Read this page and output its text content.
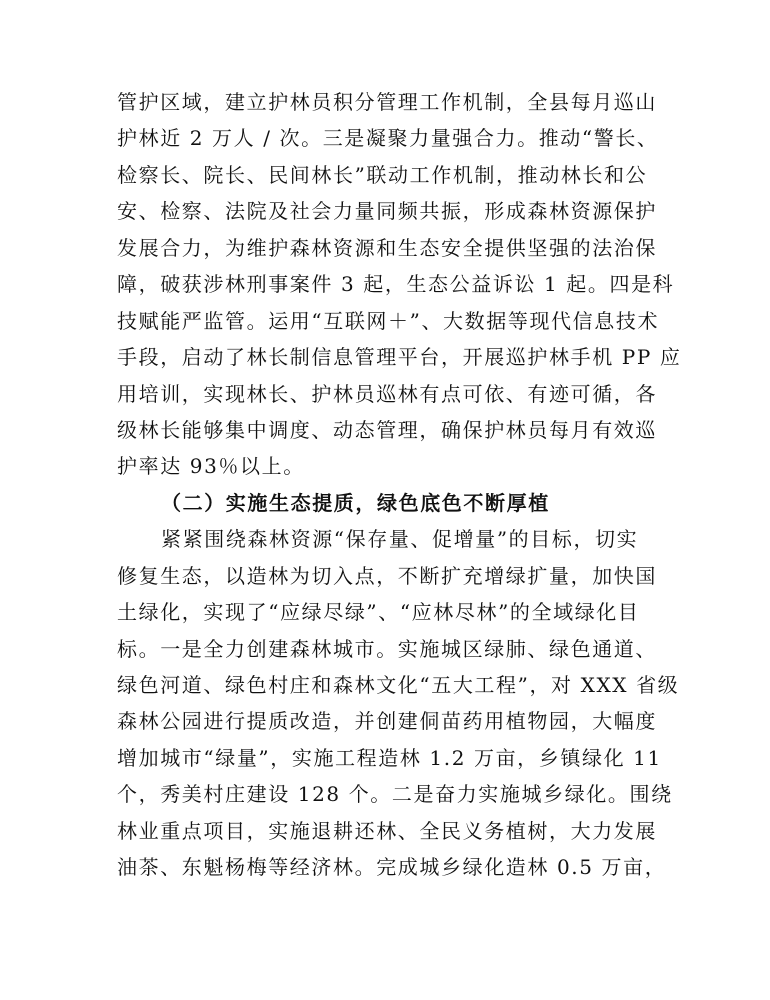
管护区域，建立护林员积分管理工作机制，全县每月巡山
护林近 2 万人 / 次。三是凝聚力量强合力。推动“警长、
检察长、院长、民间林长”联动工作机制，推动林长和公
安、检察、法院及社会力量同频共振，形成森林资源保护
发展合力，为维护森林资源和生态安全提供坚强的法治保
障，破获涉林刑事案件 3 起，生态公益诉讼 1 起。四是科
技赋能严监管。运用“互联网＋”、大数据等现代信息技术
手段，启动了林长制信息管理平台，开展巡护林手机 PP 应
用培训，实现林长、护林员巡林有点可依、有迹可循，各
级林长能够集中调度、动态管理，确保护林员每月有效巡
护率达 93％以上。
（二）实施生态提质，绿色底色不断厚植
紧紧围绕森林资源“保存量、促增量”的目标，切实
修复生态，以造林为切入点，不断扩充增绿扩量，加快国
土绿化，实现了“应绿尽绿”、“应林尽林”的全域绿化目
标。一是全力创建森林城市。实施城区绿肺、绿色通道、
绿色河道、绿色村庄和森林文化“五大工程”，对 XXX 省级
森林公园进行提质改造，并创建侗苗药用植物园，大幅度
增加城市“绿量”，实施工程造林 1.2 万亩，乡镇绿化 11
个，秀美村庄建设 128 个。二是奋力实施城乡绿化。围绕
林业重点项目，实施退耕还林、全民义务植树，大力发展
油茶、东魁杨梅等经济林。完成城乡绿化造林 0.5 万亩，
